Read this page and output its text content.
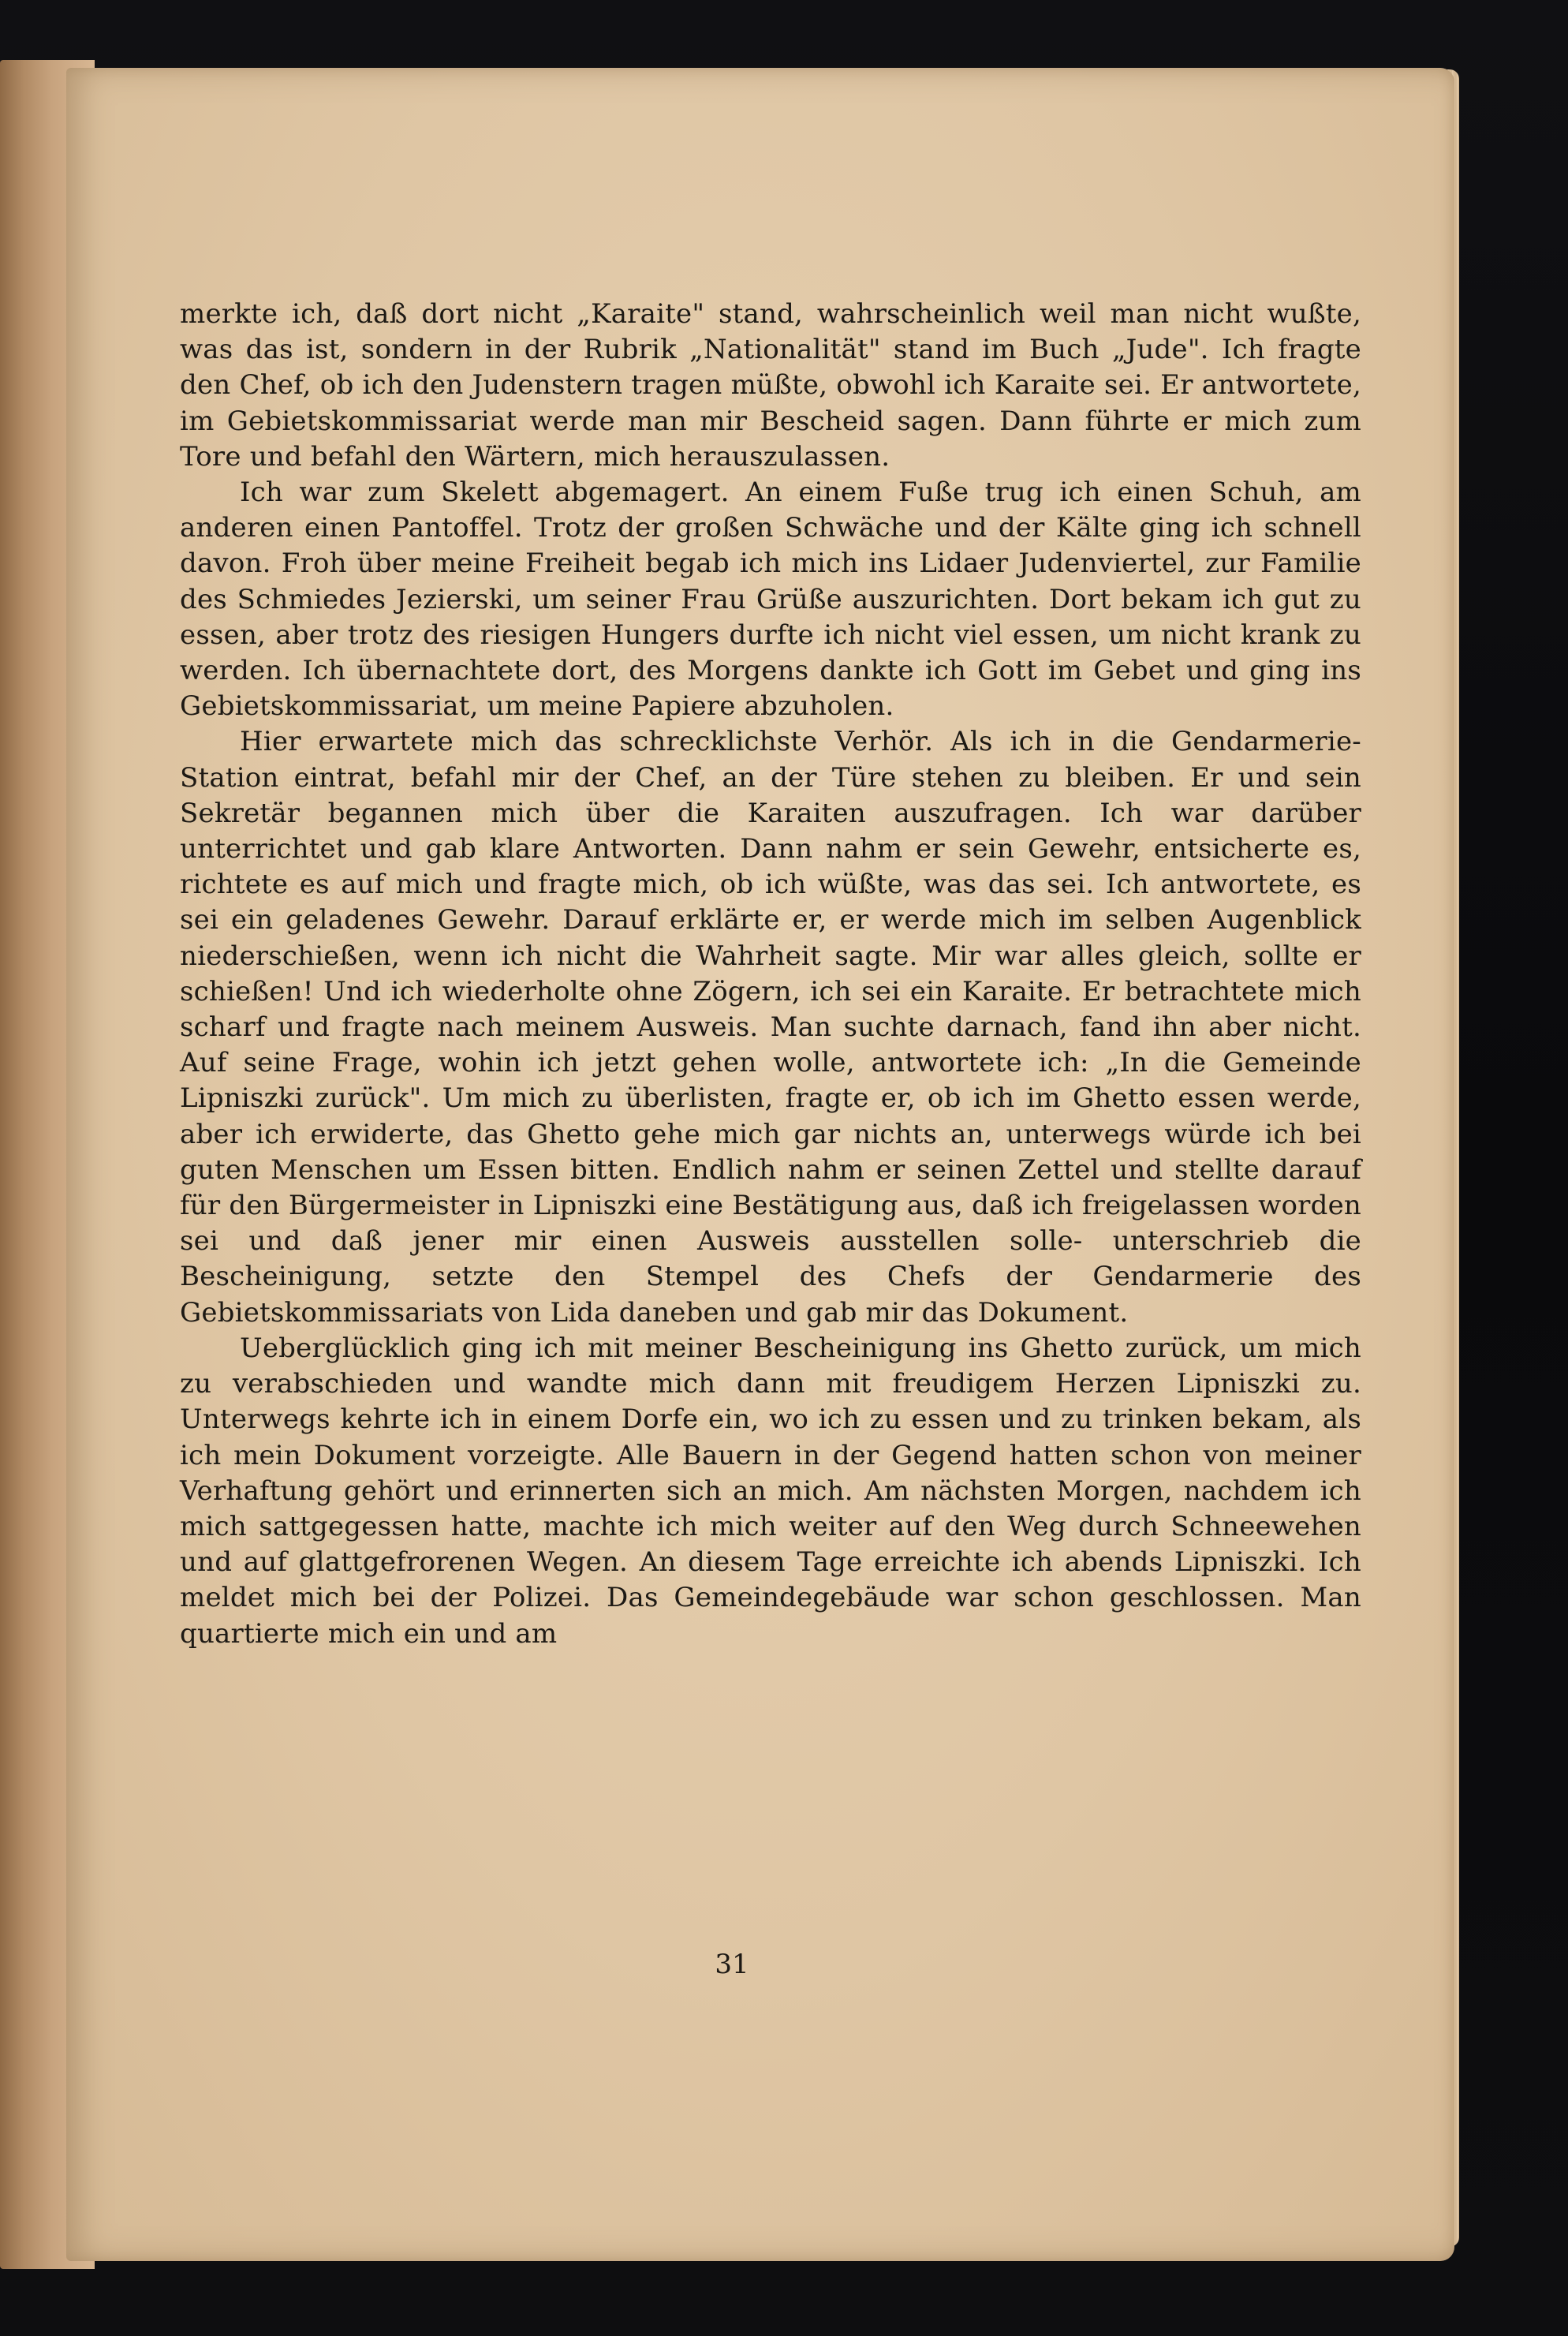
merkte ich, daß dort nicht „Karaite" stand, wahrscheinlich weil man nicht wußte, was das ist, sondern in der Rubrik „Nationalität" stand im Buch „Jude". Ich fragte den Chef, ob ich den Judenstern tragen müßte, obwohl ich Karaite sei. Er antwortete, im Gebietskommissariat werde man mir Bescheid sagen. Dann führte er mich zum Tore und befahl den Wärtern, mich herauszulassen.

Ich war zum Skelett abgemagert. An einem Fuße trug ich einen Schuh, am anderen einen Pantoffel. Trotz der großen Schwäche und der Kälte ging ich schnell davon. Froh über meine Freiheit begab ich mich ins Lidaer Judenviertel, zur Familie des Schmiedes Jezierski, um seiner Frau Grüße auszurichten. Dort bekam ich gut zu essen, aber trotz des riesigen Hungers durfte ich nicht viel essen, um nicht krank zu werden. Ich übernachtete dort, des Morgens dankte ich Gott im Gebet und ging ins Gebietskommissariat, um meine Papiere abzuholen.

Hier erwartete mich das schrecklichste Verhör. Als ich in die Gendarmerie-Station eintrat, befahl mir der Chef, an der Türe stehen zu bleiben. Er und sein Sekretär begannen mich über die Karaiten auszufragen. Ich war darüber unterrichtet und gab klare Antworten. Dann nahm er sein Gewehr, entsicherte es, richtete es auf mich und fragte mich, ob ich wüßte, was das sei. Ich antwortete, es sei ein geladenes Gewehr. Darauf erklärte er, er werde mich im selben Augenblick niederschießen, wenn ich nicht die Wahrheit sagte. Mir war alles gleich, sollte er schießen! Und ich wiederholte ohne Zögern, ich sei ein Karaite. Er betrachtete mich scharf und fragte nach meinem Ausweis. Man suchte darnach, fand ihn aber nicht. Auf seine Frage, wohin ich jetzt gehen wolle, antwortete ich: „In die Gemeinde Lipniszki zurück". Um mich zu überlisten, fragte er, ob ich im Ghetto essen werde, aber ich erwiderte, das Ghetto gehe mich gar nichts an, unterwegs würde ich bei guten Menschen um Essen bitten. Endlich nahm er seinen Zettel und stellte darauf für den Bürgermeister in Lipniszki eine Bestätigung aus, daß ich freigelassen worden sei und daß jener mir einen Ausweis ausstellen solle- unterschrieb die Bescheinigung, setzte den Stempel des Chefs der Gendarmerie des Gebietskommissariats von Lida daneben und gab mir das Dokument.

Ueberglücklich ging ich mit meiner Bescheinigung ins Ghetto zurück, um mich zu verabschieden und wandte mich dann mit freudigem Herzen Lipniszki zu. Unterwegs kehrte ich in einem Dorfe ein, wo ich zu essen und zu trinken bekam, als ich mein Dokument vorzeigte. Alle Bauern in der Gegend hatten schon von meiner Verhaftung gehört und erinnerten sich an mich. Am nächsten Morgen, nachdem ich mich sattgegessen hatte, machte ich mich weiter auf den Weg durch Schneewehen und auf glattgefrorenen Wegen. An diesem Tage erreichte ich abends Lipniszki. Ich meldet mich bei der Polizei. Das Gemeindegebäude war schon geschlossen. Man quartierte mich ein und am

31
